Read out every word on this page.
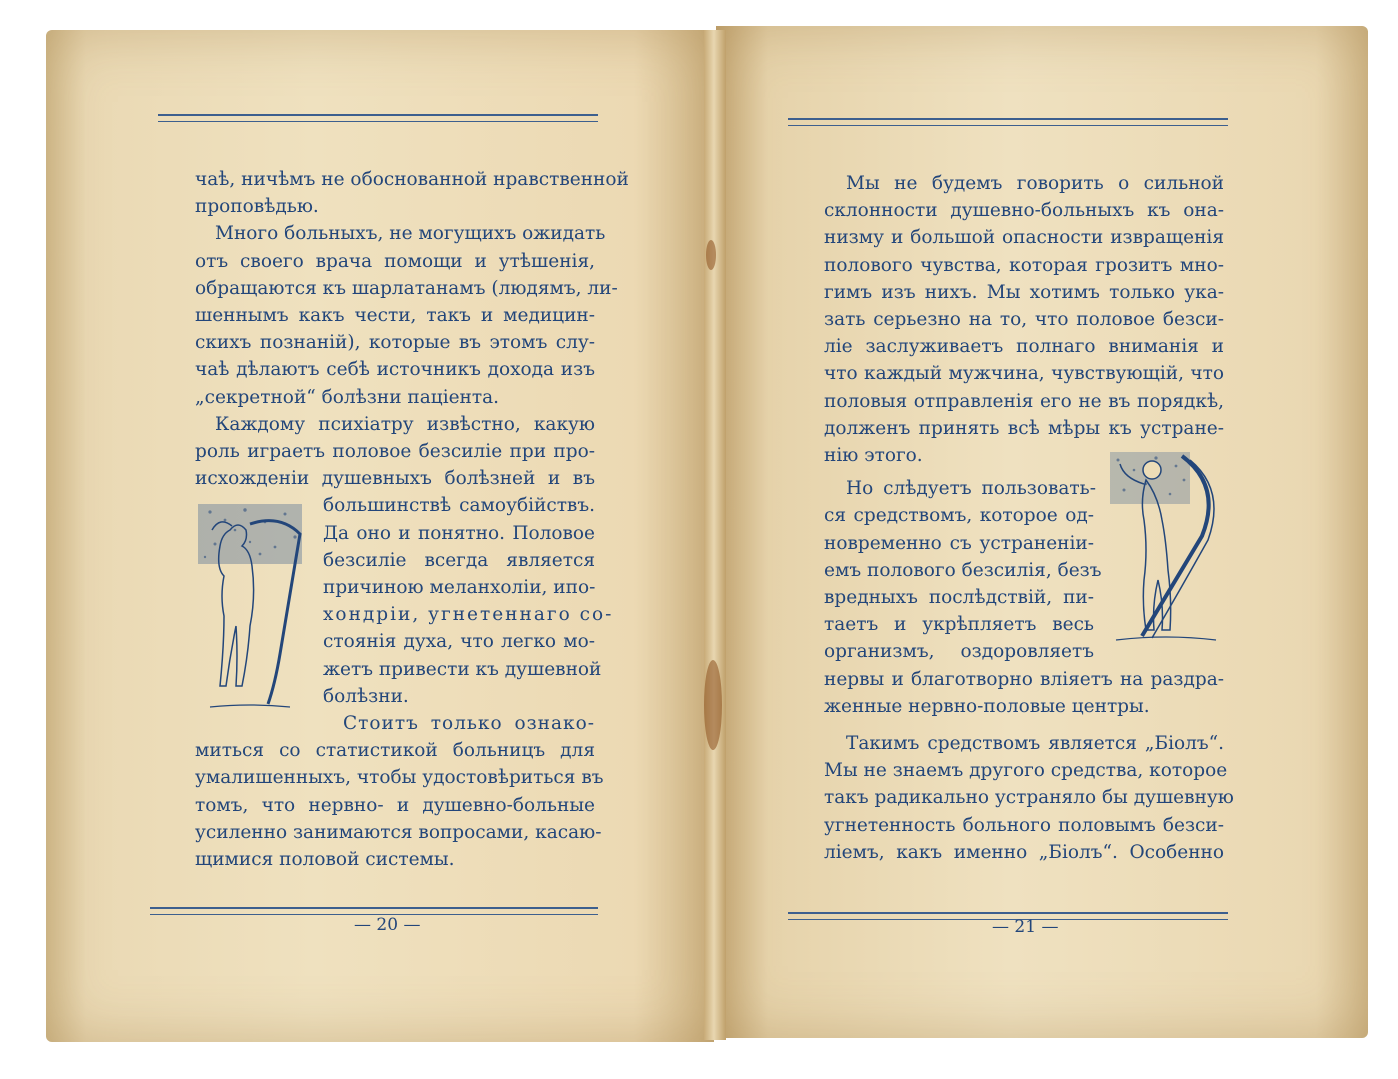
чаѣ, ничѣмъ не обоснованной нравственной
проповѣдью.
Много больныхъ, не могущихъ ожидать
отъ своего врача помощи и утѣшенія,
обращаются къ шарлатанамъ (людямъ, ли-
шеннымъ какъ чести, такъ и медицин-
скихъ познаній), которые въ этомъ слу-
чаѣ дѣлаютъ себѣ источникъ дохода изъ
„секретной“ болѣзни паціента.
Каждому психіатру извѣстно, какую
роль играетъ половое безсиліе при про-
исхожденіи душевныхъ болѣзней и въ
большинствѣ самоубійствъ.
Да оно и понятно. Половое
безсиліе всегда является
причиною меланхоліи, ипо-
хондріи, угнетеннаго со-
стоянія духа, что легко мо-
жетъ привести къ душевной
болѣзни.
Стоитъ только ознако-
миться со статистикой больницъ для
умалишенныхъ, чтобы удостовѣриться въ
томъ, что нервно- и душевно-больные
усиленно занимаются вопросами, касаю-
щимися половой системы.
Мы не будемъ говорить о сильной
склонности душевно-больныхъ къ она-
низму и большой опасности извращенія
полового чувства, которая грозитъ мно-
гимъ изъ нихъ. Мы хотимъ только ука-
зать серьезно на то, что половое безси-
ліе заслуживаетъ полнаго вниманія и
что каждый мужчина, чувствующій, что
половыя отправленія его не въ порядкѣ,
долженъ принять всѣ мѣры къ устране-
нію этого.
Но слѣдуетъ пользовать-
ся средствомъ, которое од-
новременно съ устраненіи-
емъ полового безсилія, безъ
вредныхъ послѣдствій, пи-
таетъ и укрѣпляетъ весь
организмъ, оздоровляетъ
нервы и благотворно вліяетъ на раздра-
женные нервно-половые центры.
Такимъ средствомъ является „Біолъ“.
Мы не знаемъ другого средства, которое
такъ радикально устраняло бы душевную
угнетенность больного половымъ безси-
ліемъ, какъ именно „Біолъ“. Особенно
— 20 —	— 21 —
